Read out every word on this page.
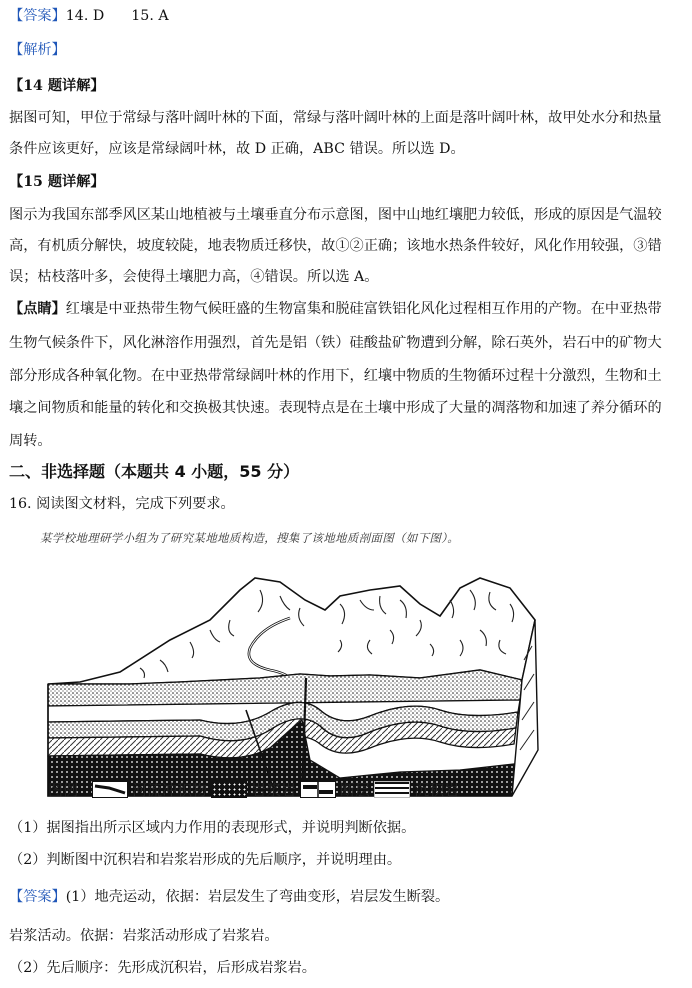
【答案】14. D      15. A
【解析】
【14 题详解】
据图可知，甲位于常绿与落叶阔叶林的下面，常绿与落叶阔叶林的上面是落叶阔叶林，故甲处水分和热量
条件应该更好，应该是常绿阔叶林，故 D 正确，ABC 错误。所以选 D。
【15 题详解】
图示为我国东部季风区某山地植被与土壤垂直分布示意图，图中山地红壤肥力较低，形成的原因是气温较
高，有机质分解快，坡度较陡，地表物质迁移快，故①②正确；该地水热条件较好，风化作用较强，③错
误；枯枝落叶多，会使得土壤肥力高，④错误。所以选 A。
【点睛】红壤是中亚热带生物气候旺盛的生物富集和脱硅富铁铝化风化过程相互作用的产物。在中亚热带
生物气候条件下，风化淋溶作用强烈，首先是铝（铁）硅酸盐矿物遭到分解，除石英外，岩石中的矿物大
部分形成各种氧化物。在中亚热带常绿阔叶林的作用下，红壤中物质的生物循环过程十分激烈，生物和土
壤之间物质和能量的转化和交换极其快速。表现特点是在土壤中形成了大量的凋落物和加速了养分循环的
周转。
二、非选择题（本题共 4 小题，55 分）
16. 阅读图文材料，完成下列要求。
某学校地理研学小组为了研究某地地质构造，搜集了该地地质剖面图（如下图）。
图例	河流冲积物	岩浆岩	断层	沉积岩
（1）据图指出所示区域内力作用的表现形式，并说明判断依据。
（2）判断图中沉积岩和岩浆岩形成的先后顺序，并说明理由。
【答案】(1）地壳运动，依据：岩层发生了弯曲变形，岩层发生断裂。
岩浆活动。依据：岩浆活动形成了岩浆岩。
（2）先后顺序：先形成沉积岩，后形成岩浆岩。
